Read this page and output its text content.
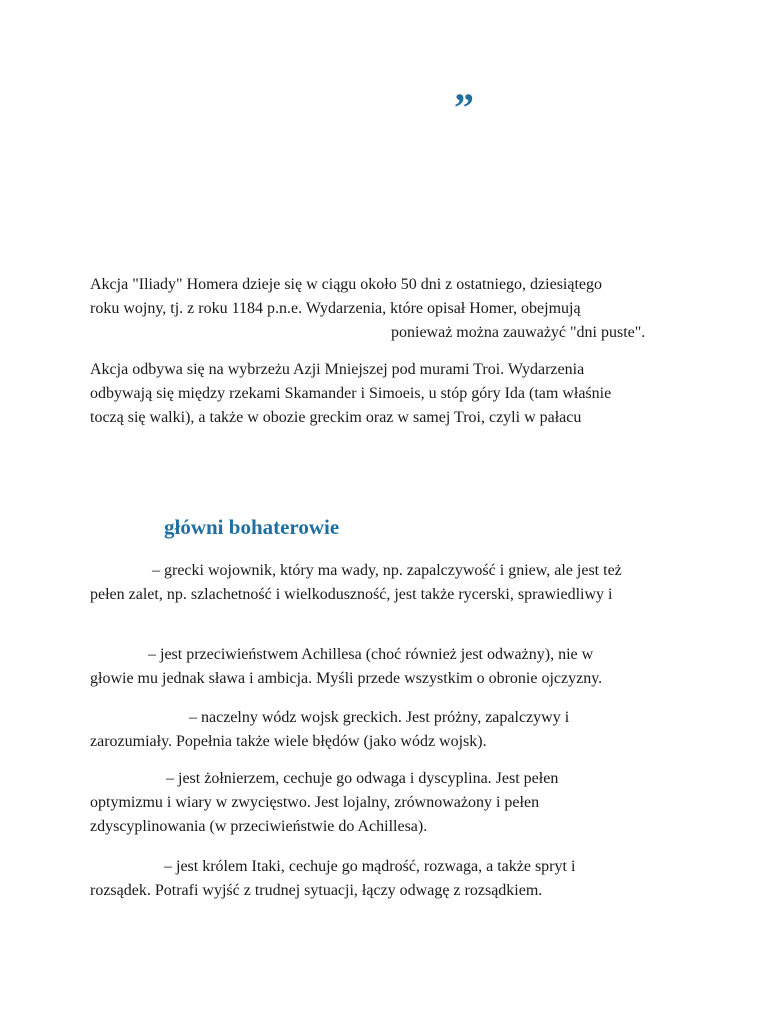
”
Akcja "Iliady" Homera dzieje się w ciągu około 50 dni z ostatniego, dziesiątego
roku wojny, tj. z roku 1184 p.n.e. Wydarzenia, które opisał Homer, obejmują
ponieważ można zauważyć "dni puste".
Akcja odbywa się na wybrzeżu Azji Mniejszej pod murami Troi. Wydarzenia
odbywają się między rzekami Skamander i Simoeis, u stóp góry Ida (tam właśnie
toczą się walki), a także w obozie greckim oraz w samej Troi, czyli w pałacu
główni bohaterowie
– grecki wojownik, który ma wady, np. zapalczywość i gniew, ale jest też
pełen zalet, np. szlachetność i wielkoduszność, jest także rycerski, sprawiedliwy i
– jest przeciwieństwem Achillesa (choć również jest odważny), nie w
głowie mu jednak sława i ambicja. Myśli przede wszystkim o obronie ojczyzny.
– naczelny wódz wojsk greckich. Jest próżny, zapalczywy i
zarozumiały. Popełnia także wiele błędów (jako wódz wojsk).
– jest żołnierzem, cechuje go odwaga i dyscyplina. Jest pełen
optymizmu i wiary w zwycięstwo. Jest lojalny, zrównoważony i pełen
zdyscyplinowania (w przeciwieństwie do Achillesa).
– jest królem Itaki, cechuje go mądrość, rozwaga, a także spryt i
rozsądek. Potrafi wyjść z trudnej sytuacji, łączy odwagę z rozsądkiem.
